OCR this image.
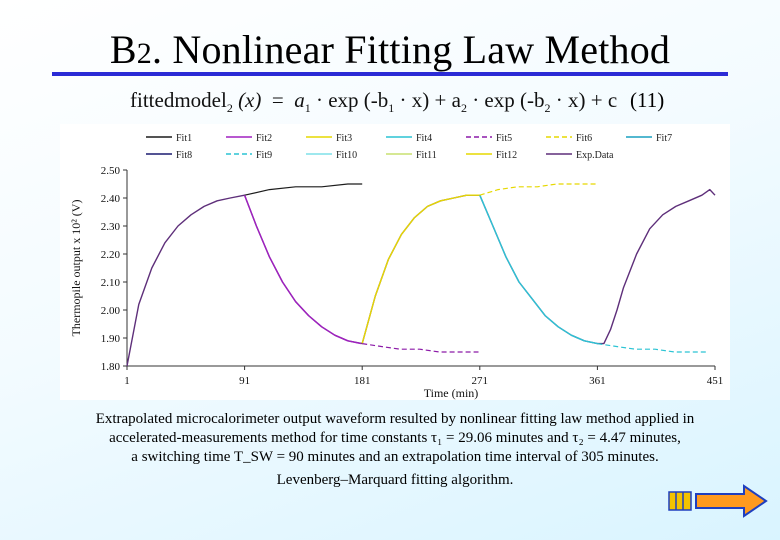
B2. Nonlinear Fitting Law Method
fittedmodel$_2$ $(x) = a_1 \cdot \exp (-b_1 \cdot x) + a_2 \cdot \exp (-b_2 \cdot x) + c$ (11)
Fit1	Fit2	Fit3	Fit4	Fit5	Fit6	Fit7
Fit8	Fit9	Fit10	Fit11	Fit12	Exp.Data
1.80
1.90
2.00
2.10
2.20
2.30
2.40
2.50
1	91	181	271	361	451
Time (min)
Thermopile output x 10² (V)
Extrapolated microcalorimeter output waveform resulted by nonlinear fitting law method applied in
accelerated-measurements method for time constants τ₁ = 29.06 minutes and τ₂ = 4.47 minutes,
a switching time T_SW = 90 minutes and an extrapolation time interval of 305 minutes.
Levenberg–Marquard fitting algorithm.
